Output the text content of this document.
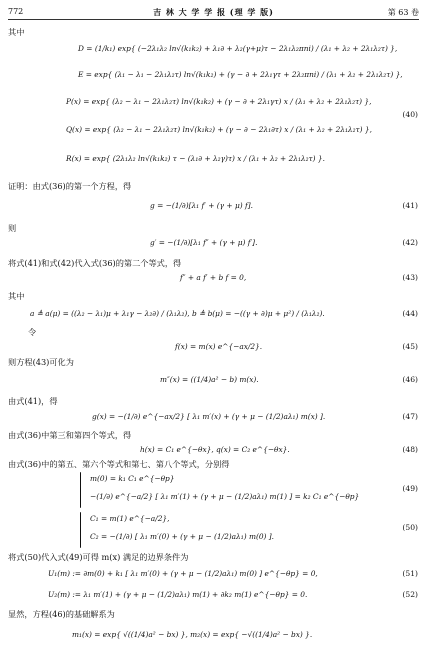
772	吉 林 大 学 学 报 (理 学 版)	第 63 卷
其中
D = (1/k₁) exp{ (−2λ₁λ₂ ln√(k₁k₂) + λ₁∂ + λ₂(γ+μ)τ − 2λ₁λ₂πni) / (λ₁ + λ₂ + 2λ₁λ₂τ) },
E = exp{ (λ₁ − λ₁ − 2λ₁λ₂τ) ln√(k₁k₂) + (γ − ∂ + 2λ₁γτ + 2λ₂πni) / (λ₁ + λ₂ + 2λ₁λ₂τ) },
P(x) = exp{ (λ₂ − λ₁ − 2λ₁λ₂τ) ln√(k₁k₂) + (γ − ∂ + 2λ₁γτ) x / (λ₁ + λ₂ + 2λ₁λ₂τ) },
(40)
Q(x) = exp{ (λ₂ − λ₁ − 2λ₁λ₂τ) ln√(k₁k₂) + (γ − ∂ − 2λ₁∂τ) x / (λ₁ + λ₂ + 2λ₁λ₂τ) },
R(x) = exp{ (2λ₁λ₂ ln√(k₁k₂) τ − (λ₁∂ + λ₂γ)τ) x / (λ₁ + λ₂ + 2λ₁λ₂τ) }.
证明：由式(36)的第一个方程，得
g = −(1/∂)[λ₁ f′ + (γ + μ) f].	(41)
则
g′ = −(1/∂)[λ₁ f″ + (γ + μ) f′].	(42)
将式(41)和式(42)代入式(36)的第二个等式，得
f″ + a f′ + b f = 0,	(43)
其中
a ≜ a(μ) = ((λ₂ − λ₁)μ + λ₁γ − λ₂∂) / (λ₁λ₂), b ≜ b(μ) = −((γ + ∂)μ + μ²) / (λ₁λ₂).	(44)
令
f(x) = m(x) e^{−ax/2}.	(45)
则方程(43)可化为
m″(x) = ((1/4)a² − b) m(x).	(46)
由式(41)，得
g(x) = −(1/∂) e^{−ax/2} [ λ₁ m′(x) + (γ + μ − (1/2)aλ₁) m(x) ].	(47)
由式(36)中第三和第四个等式，得
h(x) = C₁ e^{−θx}, q(x) = C₂ e^{−θx}.	(48)
由式(36)中的第五、第六个等式和第七、第八个等式，分别得
m(0) = k₁ C₁ e^{−θp}
−(1/∂) e^{−a/2} [ λ₁ m′(1) + (γ + μ − (1/2)aλ₁) m(1) ] = k₂ C₁ e^{−θp}
(49)
C₁ = m(1) e^{−a/2},
C₂ = −(1/∂) [ λ₁ m′(0) + (γ + μ − (1/2)aλ₁) m(0) ].
(50)
将式(50)代入式(49)可得 m(x) 满足的边界条件为
U₁(m) := ∂m(0) + k₁ [ λ₁ m′(0) + (γ + μ − (1/2)aλ₁) m(0) ] e^{−θp} = 0,	(51)
U₂(m) := λ₁ m′(1) + (γ + μ − (1/2)aλ₁) m(1) + ∂k₂ m(1) e^{−θp} = 0.	(52)
显然，方程(46)的基础解系为
m₁(x) = exp{ √((1/4)a² − bx) }, m₂(x) = exp{ −√((1/4)a² − bx) }.
